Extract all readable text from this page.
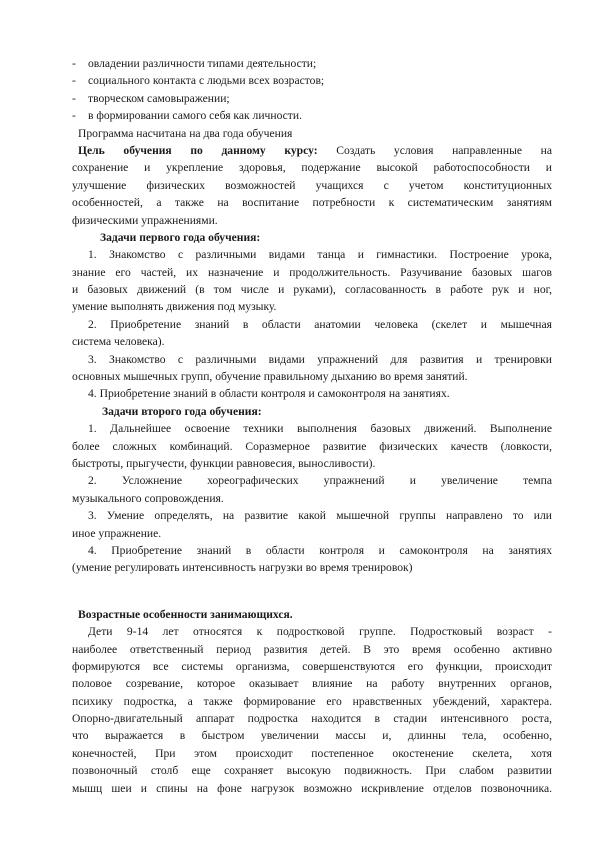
- овладении различности типами деятельности;
- социального контакта с людьми всех возрастов;
- творческом самовыражении;
- в формировании самого себя как личности.
Программа насчитана на два года обучения
Цель обучения по данному курсу: Создать условия направленные на
сохранение и укрепление здоровья, подержание высокой работоспособности и
улучшение физических возможностей учащихся с учетом конституционных
особенностей, а также на воспитание потребности к систематическим занятиям
физическими упражнениями.
Задачи первого года обучения:
1. Знакомство с различными видами танца и гимнастики. Построение урока,
знание его частей, их назначение и продолжительность. Разучивание базовых шагов
и базовых движений (в том числе и руками), согласованность в работе рук и ног,
умение выполнять движения под музыку.
2. Приобретение знаний в области анатомии человека (скелет и мышечная
система человека).
3. Знакомство с различными видами упражнений для развития и тренировки
основных мышечных групп, обучение правильному дыханию во время занятий.
4. Приобретение знаний в области контроля и самоконтроля на занятиях.
Задачи второго года обучения:
1. Дальнейшее освоение техники выполнения базовых движений. Выполнение
более сложных комбинаций. Соразмерное развитие физических качеств (ловкости,
быстроты, прыгучести, функции равновесия, выносливости).
2. Усложнение хореографических упражнений и увеличение темпа
музыкального сопровождения.
3. Умение определять, на развитие какой мышечной группы направлено то или
иное упражнение.
4. Приобретение знаний в области контроля и самоконтроля на занятиях
(умение регулировать интенсивность нагрузки во время тренировок)
Возрастные особенности занимающихся.
Дети 9-14 лет относятся к подростковой группе. Подростковый возраст -
наиболее ответственный период развития детей. В это время особенно активно
формируются все системы организма, совершенствуются его функции, происходит
половое созревание, которое оказывает влияние на работу внутренних органов,
психику подростка, а также формирование его нравственных убеждений, характера.
Опорно-двигательный аппарат подростка находится в стадии интенсивного роста,
что выражается в быстром увеличении массы и, длинны тела, особенно,
конечностей, При этом происходит постепенное окостенение скелета, хотя
позвоночный столб еще сохраняет высокую подвижность. При слабом развитии
мышц шеи и спины на фоне нагрузок возможно искривление отделов позвоночника.
